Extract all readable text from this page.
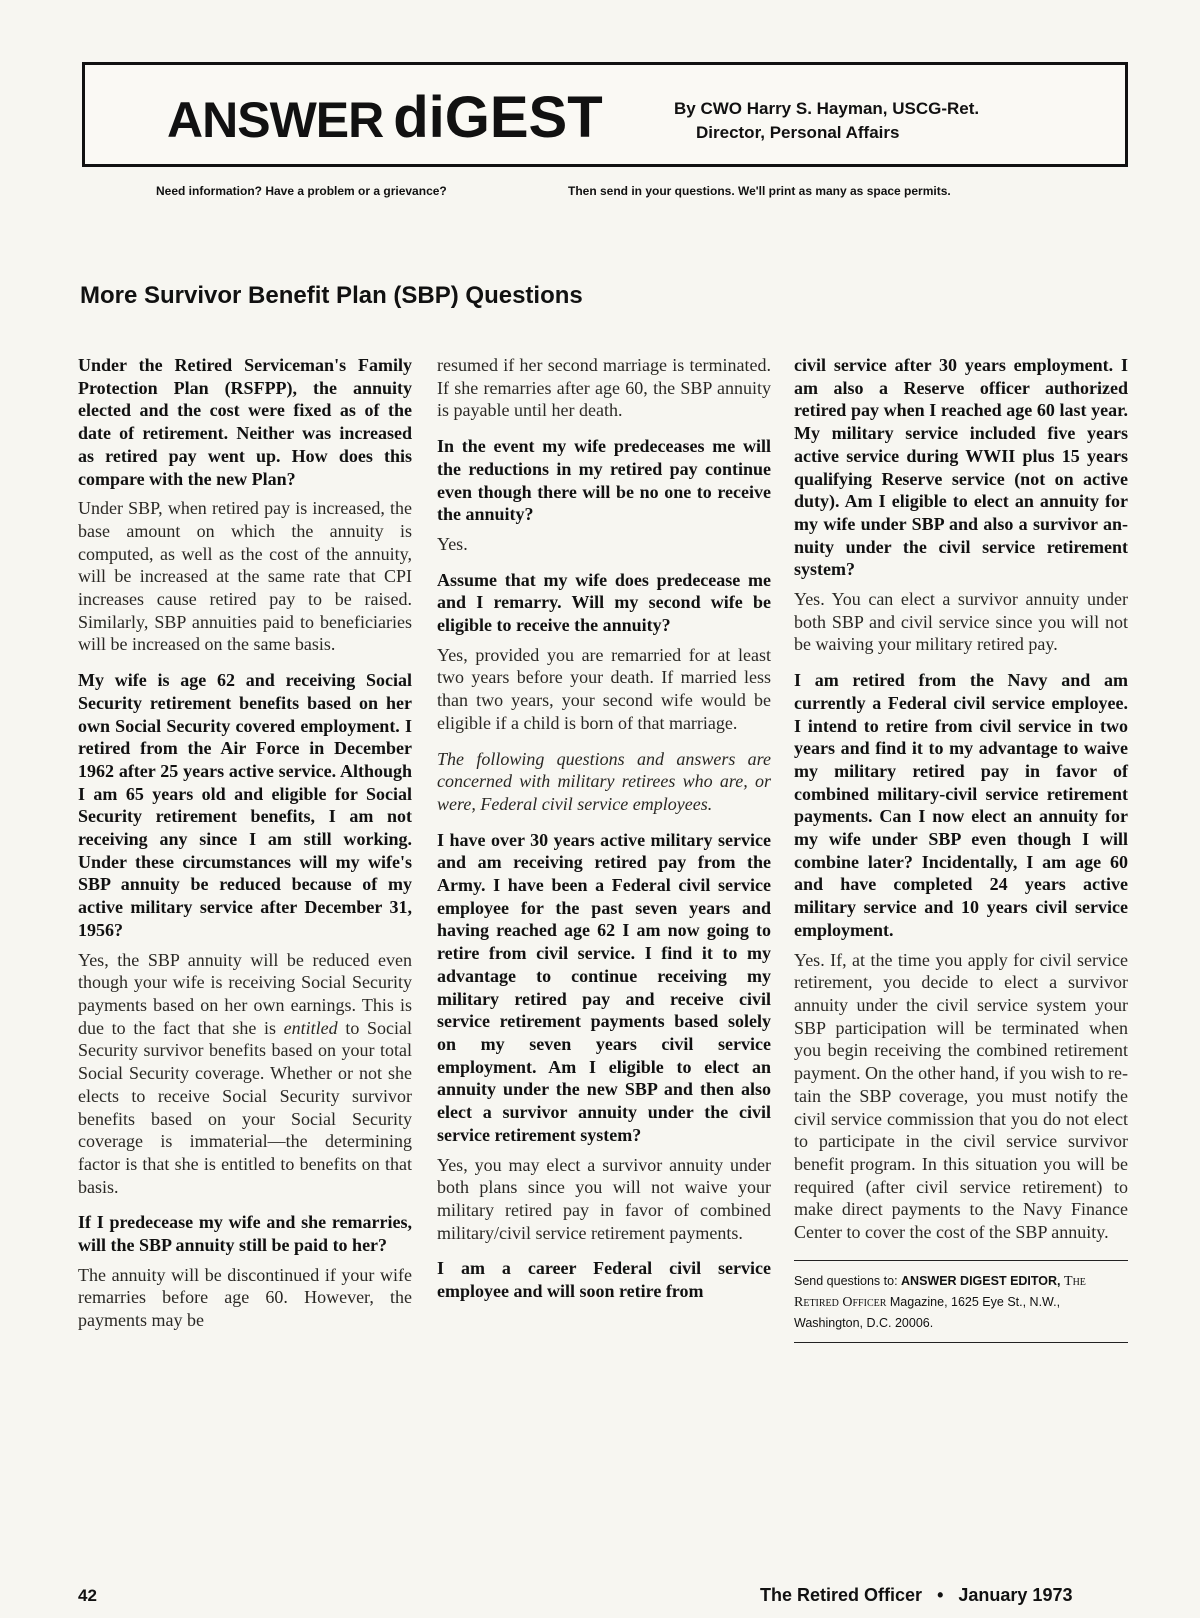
ANSWER diGEST	By CWO Harry S. Hayman, USCG-Ret.
Director, Personal Affairs
Need information? Have a problem or a grievance?	Then send in your questions. We'll print as many as space permits.
More Survivor Benefit Plan (SBP) Questions

Under the Retired Serviceman's Family Protection Plan (RSFPP), the annuity elected and the cost were fixed as of the date of retirement. Neither was increased as retired pay went up. How does this compare with the new Plan?

Under SBP, when retired pay is increased, the base amount on which the annuity is computed, as well as the cost of the annuity, will be increased at the same rate that CPI increases cause retired pay to be raised. Similarly, SBP annuities paid to beneficiaries will be increased on the same basis.

My wife is age 62 and receiving Social Security retirement benefits based on her own Social Security covered employment. I retired from the Air Force in December 1962 after 25 years active service. Although I am 65 years old and eligible for Social Security retirement benefits, I am not receiving any since I am still working. Under these circumstances will my wife's SBP annuity be reduced because of my active military service after December 31, 1956?

Yes, the SBP annuity will be reduced even though your wife is receiving Social Security payments based on her own earnings. This is due to the fact that she is entitled to Social Security survivor benefits based on your total Social Security coverage. Whether or not she elects to receive Social Security survivor benefits based on your Social Security coverage is immaterial—the determining factor is that she is entitled to benefits on that basis.

If I predecease my wife and she remarries, will the SBP annuity still be paid to her?

The annuity will be discontinued if your wife remarries before age 60. However, the payments may be

resumed if her second marriage is terminated. If she remarries after age 60, the SBP annuity is payable until her death.

In the event my wife predeceases me will the reductions in my retired pay continue even though there will be no one to receive the annuity?

Yes.

Assume that my wife does predecease me and I remarry. Will my second wife be eligible to receive the annuity?

Yes, provided you are remarried for at least two years before your death. If married less than two years, your second wife would be eligible if a child is born of that marriage.

The following questions and answers are concerned with military retirees who are, or were, Federal civil service employees.

I have over 30 years active military service and am receiving retired pay from the Army. I have been a Federal civil service employee for the past seven years and having reached age 62 I am now going to retire from civil service. I find it to my advantage to continue receiving my military retired pay and receive civil service retirement payments based solely on my seven years civil service employment. Am I eligible to elect an annuity under the new SBP and then also elect a survivor annuity under the civil service retirement system?

Yes, you may elect a survivor annuity under both plans since you will not waive your military retired pay in favor of combined military/civil service retirement payments.

I am a career Federal civil service employee and will soon retire from

civil service after 30 years employment. I am also a Reserve officer authorized retired pay when I reached age 60 last year. My military service included five years active service during WWII plus 15 years qualifying Reserve service (not on active duty). Am I eligible to elect an annuity for my wife under SBP and also a survivor annuity under the civil service retirement system?

Yes. You can elect a survivor annuity under both SBP and civil service since you will not be waiving your military retired pay.

I am retired from the Navy and am currently a Federal civil service employee. I intend to retire from civil service in two years and find it to my advantage to waive my military retired pay in favor of combined military-civil service retirement payments. Can I now elect an annuity for my wife under SBP even though I will combine later? Incidentally, I am age 60 and have completed 24 years active military service and 10 years civil service employment.

Yes. If, at the time you apply for civil service retirement, you decide to elect a survivor annuity under the civil service system your SBP participation will be terminated when you begin receiving the combined retirement payment. On the other hand, if you wish to retain the SBP coverage, you must notify the civil service commission that you do not elect to participate in the civil service survivor benefit program. In this situation you will be required (after civil service retirement) to make direct payments to the Navy Finance Center to cover the cost of the SBP annuity.

Send questions to: ANSWER DIGEST EDITOR, The Retired Officer Magazine, 1625 Eye St., N.W., Washington, D.C. 20006.
42	The Retired Officer • January 1973
